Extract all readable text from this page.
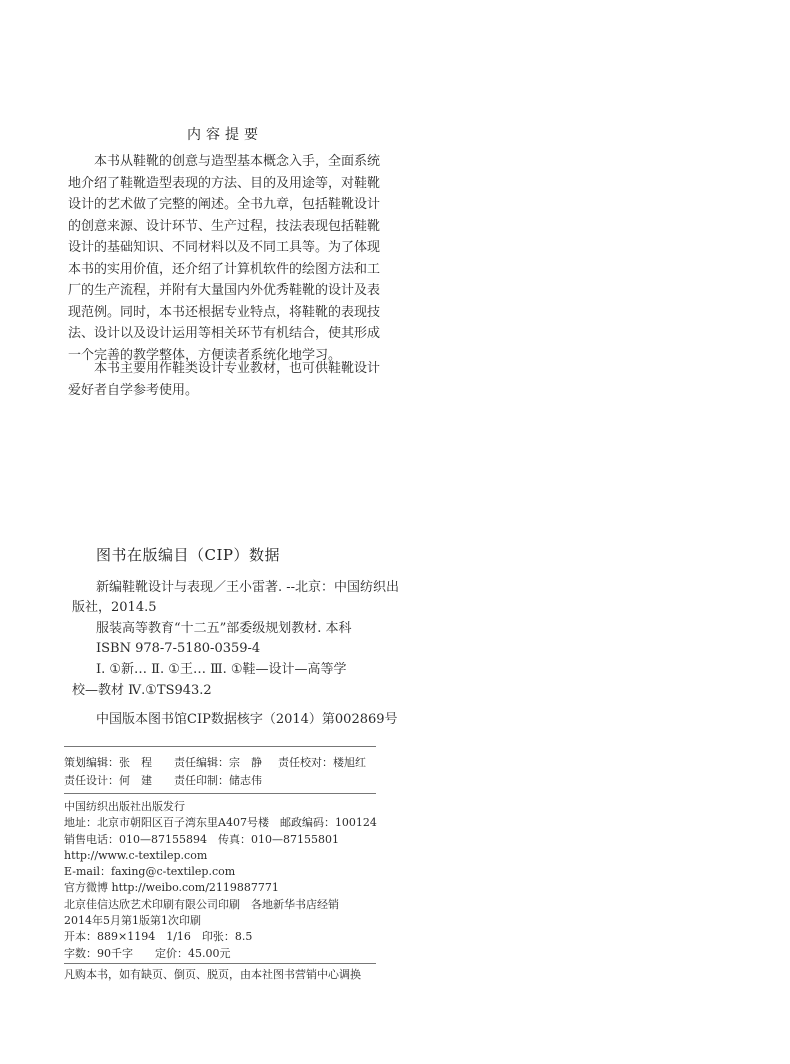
内容提要

本书从鞋靴的创意与造型基本概念入手，全面系统地介绍了鞋靴造型表现的方法、目的及用途等，对鞋靴设计的艺术做了完整的阐述。全书九章，包括鞋靴设计的创意来源、设计环节、生产过程，技法表现包括鞋靴设计的基础知识、不同材料以及不同工具等。为了体现本书的实用价值，还介绍了计算机软件的绘图方法和工厂的生产流程，并附有大量国内外优秀鞋靴的设计及表现范例。同时，本书还根据专业特点，将鞋靴的表现技法、设计以及设计运用等相关环节有机结合，使其形成一个完善的教学整体，方便读者系统化地学习。

本书主要用作鞋类设计专业教材，也可供鞋靴设计爱好者自学参考使用。

图书在版编目（CIP）数据
新编鞋靴设计与表现／王小雷著. --北京：中国纺织出
版社，2014.5
服装高等教育“十二五”部委级规划教材. 本科
ISBN 978-7-5180-0359-4
Ⅰ. ①新… Ⅱ. ①王… Ⅲ. ①鞋—设计—高等学
校—教材 Ⅳ.①TS943.2
中国版本图书馆CIP数据核字（2014）第002869号
策划编辑：张　程 责任编辑：宗　静 责任校对：楼旭红
责任设计：何　建 责任印制：储志伟
中国纺织出版社出版发行
地址：北京市朝阳区百子湾东里A407号楼　邮政编码：100124
销售电话：010—87155894　传真：010—87155801
http://www.c-textilep.com
E-mail：faxing@c-textilep.com
官方微博 http://weibo.com/2119887771
北京佳信达欣艺术印刷有限公司印刷　各地新华书店经销
2014年5月第1版第1次印刷
开本：889×1194　1/16　印张：8.5
字数：90千字　　定价：45.00元
凡购本书，如有缺页、倒页、脱页，由本社图书营销中心调换
